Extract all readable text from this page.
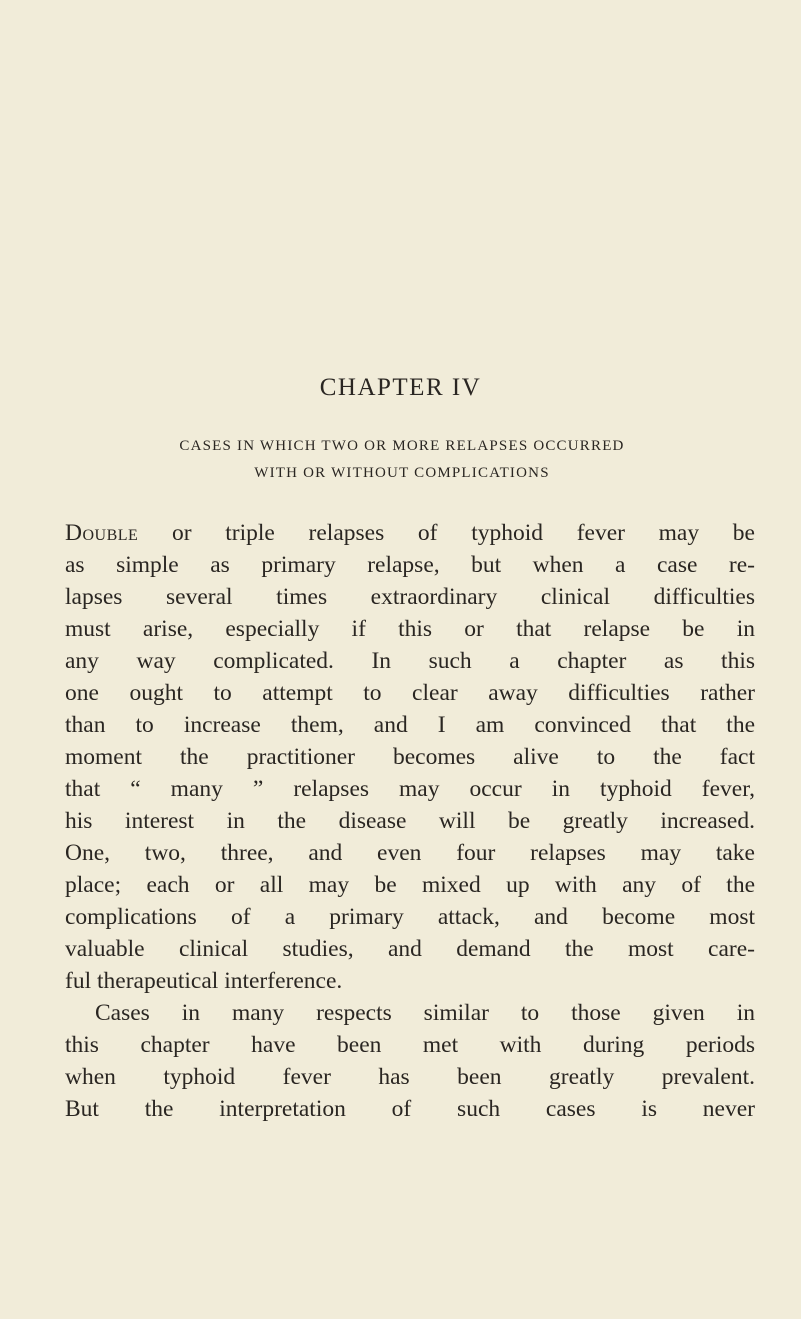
CHAPTER IV
CASES IN WHICH TWO OR MORE RELAPSES OCCURRED
WITH OR WITHOUT COMPLICATIONS
Double or triple relapses of typhoid fever may be
as simple as primary relapse, but when a case re-
lapses several times extraordinary clinical difficulties
must arise, especially if this or that relapse be in
any way complicated. In such a chapter as this
one ought to attempt to clear away difficulties rather
than to increase them, and I am convinced that the
moment the practitioner becomes alive to the fact
that “ many ” relapses may occur in typhoid fever,
his interest in the disease will be greatly increased.
One, two, three, and even four relapses may take
place; each or all may be mixed up with any of the
complications of a primary attack, and become most
valuable clinical studies, and demand the most care-
ful therapeutical interference.
Cases in many respects similar to those given in
this chapter have been met with during periods
when typhoid fever has been greatly prevalent.
But the interpretation of such cases is never
